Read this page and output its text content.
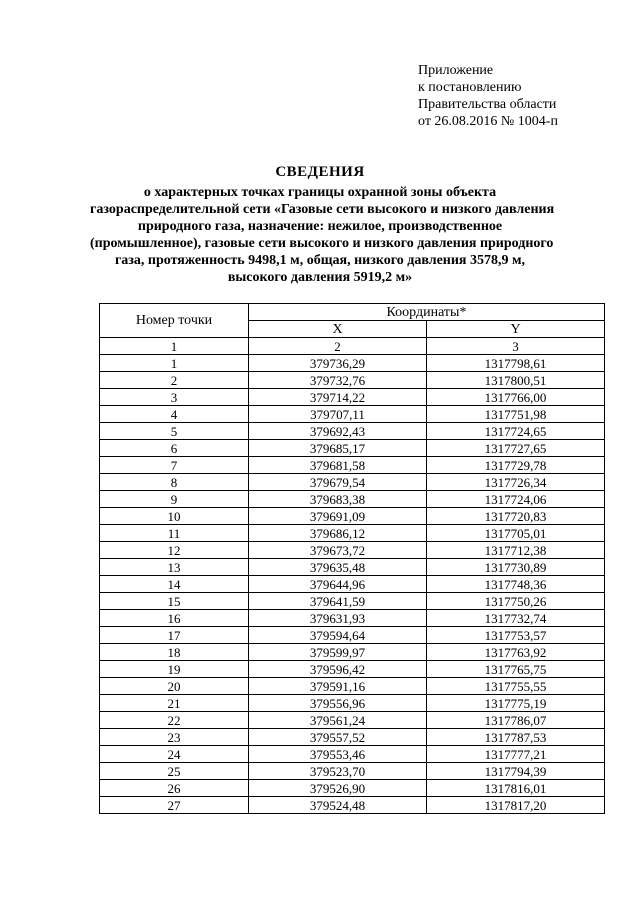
Приложение
к постановлению
Правительства области
от 26.08.2016 № 1004-п
СВЕДЕНИЯ
о характерных точках границы охранной зоны объекта
газораспределительной сети «Газовые сети высокого и низкого давления
природного газа, назначение: нежилое, производственное
(промышленное), газовые сети высокого и низкого давления природного
газа, протяженность 9498,1 м, общая, низкого давления 3578,9 м,
высокого давления 5919,2 м»
Номер точки	Координаты*	
	X	Y
1	2	3
1	379736,29	1317798,61
2	379732,76	1317800,51
3	379714,22	1317766,00
4	379707,11	1317751,98
5	379692,43	1317724,65
6	379685,17	1317727,65
7	379681,58	1317729,78
8	379679,54	1317726,34
9	379683,38	1317724,06
10	379691,09	1317720,83
11	379686,12	1317705,01
12	379673,72	1317712,38
13	379635,48	1317730,89
14	379644,96	1317748,36
15	379641,59	1317750,26
16	379631,93	1317732,74
17	379594,64	1317753,57
18	379599,97	1317763,92
19	379596,42	1317765,75
20	379591,16	1317755,55
21	379556,96	1317775,19
22	379561,24	1317786,07
23	379557,52	1317787,53
24	379553,46	1317777,21
25	379523,70	1317794,39
26	379526,90	1317816,01
27	379524,48	1317817,20
